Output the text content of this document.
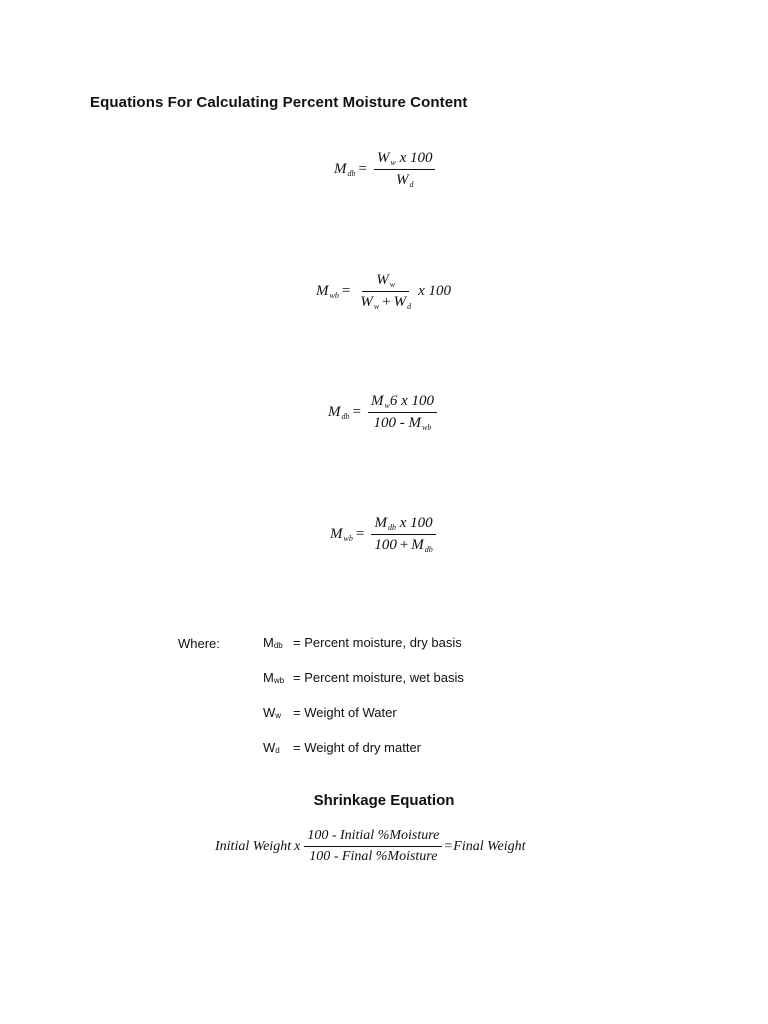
Equations For Calculating Percent Moisture Content
$M_{db} = \frac{W_w x 100}{W_d}$
$M_{wb} = \frac{W_w}{W_w + W_d}$ x 100
$M_{db} = \frac{M_w6 x 100}{100 - M_{wb}}$
$M_{wb} = \frac{M_{db} x 100}{100 + M_{db}}$
Where:	Mdb = Percent moisture, dry basis
Mwb = Percent moisture, wet basis
Ww = Weight of Water
Wd = Weight of dry matter
Shrinkage Equation
Initial Weight x $\frac{\text{100 - Initial \%Moisture}}{\text{100 - Final \%Moisture}}$ = Final Weight
